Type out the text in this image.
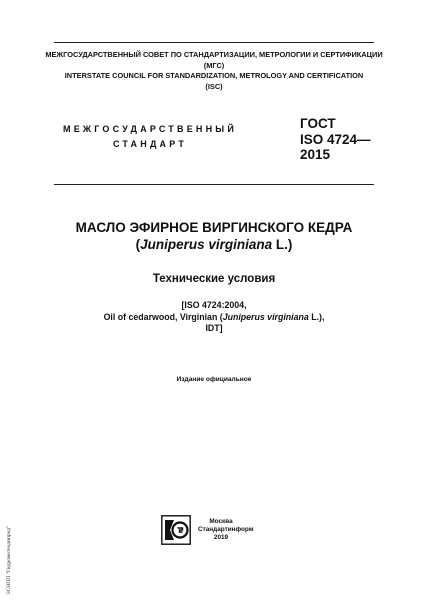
МЕЖГОСУДАРСТВЕННЫЙ СОВЕТ ПО СТАНДАРТИЗАЦИИ, МЕТРОЛОГИИ И СЕРТИФИКАЦИИ
(МГС)
INTERSTATE COUNCIL FOR STANDARDIZATION, METROLOGY AND CERTIFICATION
(ISC)
МЕЖГОСУДАРСТВЕННЫЙ
СТАНДАРТ
ГОСТ
ISO 4724—
2015
МАСЛО ЭФИРНОЕ ВИРГИНСКОГО КЕДРА
(Juniperus virginiana L.)
Технические условия
[ISO 4724:2004,
Oil of cedarwood, Virginian (Juniperus virginiana L.),
IDT]
Издание официальное
Москва
Стандартинформ
2019
ЭСНПП "Гидрометеодипрод"
